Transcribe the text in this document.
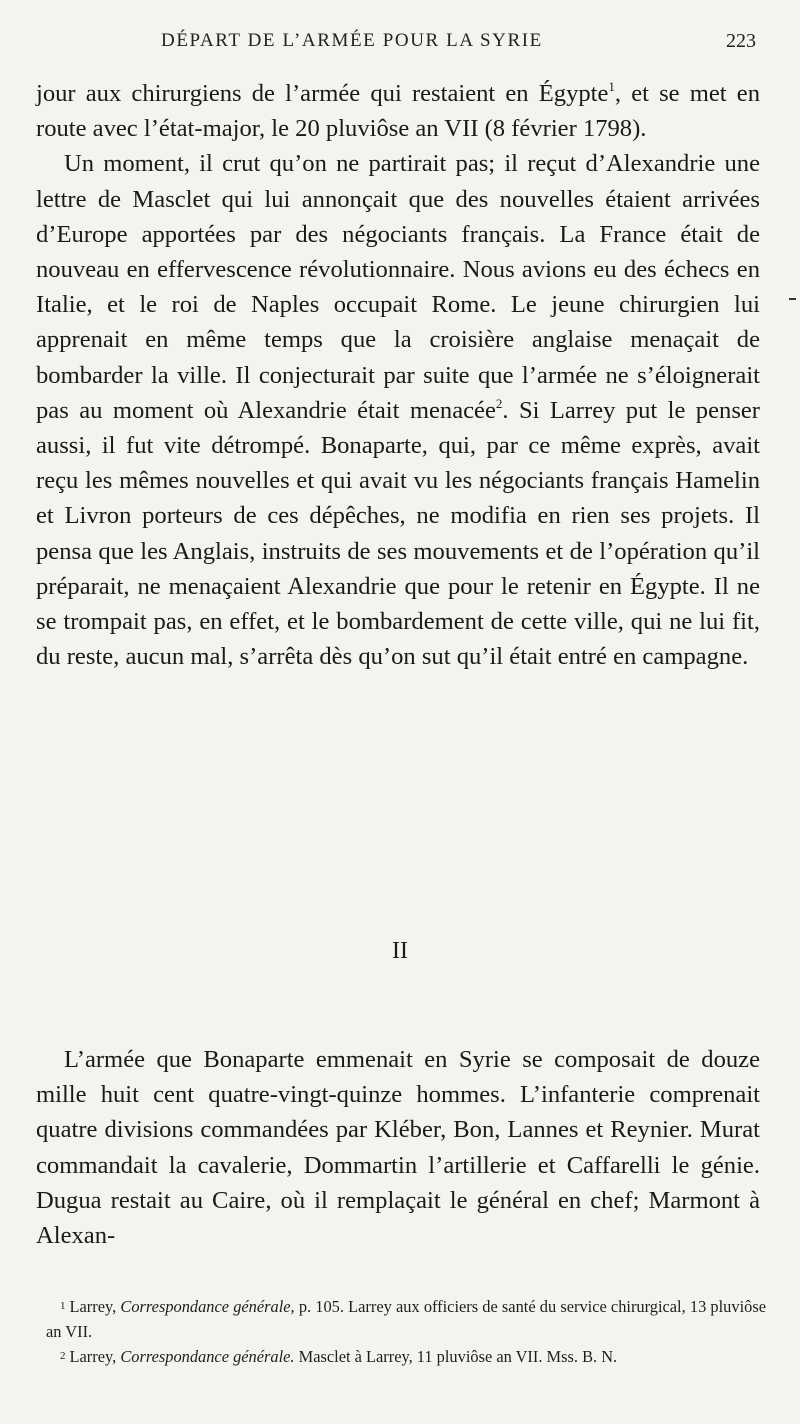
DÉPART DE L’ARMÉE POUR LA SYRIE	223

jour aux chirurgiens de l’armée qui restaient en Égypte$^1$, et se met en route avec l’état-major, le 20 pluviôse an VII (8 février 1798).

Un moment, il crut qu’on ne partirait pas; il reçut d’Alexandrie une lettre de Masclet qui lui annonçait que des nouvelles étaient arrivées d’Europe apportées par des négociants français. La France était de nouveau en effervescence révolutionnaire. Nous avions eu des échecs en Italie, et le roi de Naples occupait Rome. Le jeune chirurgien lui apprenait en même temps que la croisière anglaise menaçait de bombarder la ville. Il conjecturait par suite que l’armée ne s’éloignerait pas au moment où Alexandrie était menacée$^2$. Si Larrey put le penser aussi, il fut vite détrompé. Bonaparte, qui, par ce même exprès, avait reçu les mêmes nouvelles et qui avait vu les négociants français Hamelin et Livron porteurs de ces dépêches, ne modifia en rien ses projets. Il pensa que les Anglais, instruits de ses mouvements et de l’opération qu’il préparait, ne menaçaient Alexandrie que pour le retenir en Égypte. Il ne se trompait pas, en effet, et le bombardement de cette ville, qui ne lui fit, du reste, aucun mal, s’arrêta dès qu’on sut qu’il était entré en campagne.

II

L’armée que Bonaparte emmenait en Syrie se composait de douze mille huit cent quatre-vingt-quinze hommes. L’infanterie comprenait quatre divisions commandées par Kléber, Bon, Lannes et Reynier. Murat commandait la cavalerie, Dommartin l’artillerie et Caffarelli le génie. Dugua restait au Caire, où il remplaçait le général en chef; Marmont à Alexan-

1 Larrey, Correspondance générale, p. 105. Larrey aux officiers de santé du service chirurgical, 13 pluviôse an VII.

2 Larrey, Correspondance générale. Masclet à Larrey, 11 pluviôse an VII. Mss. B. N.
